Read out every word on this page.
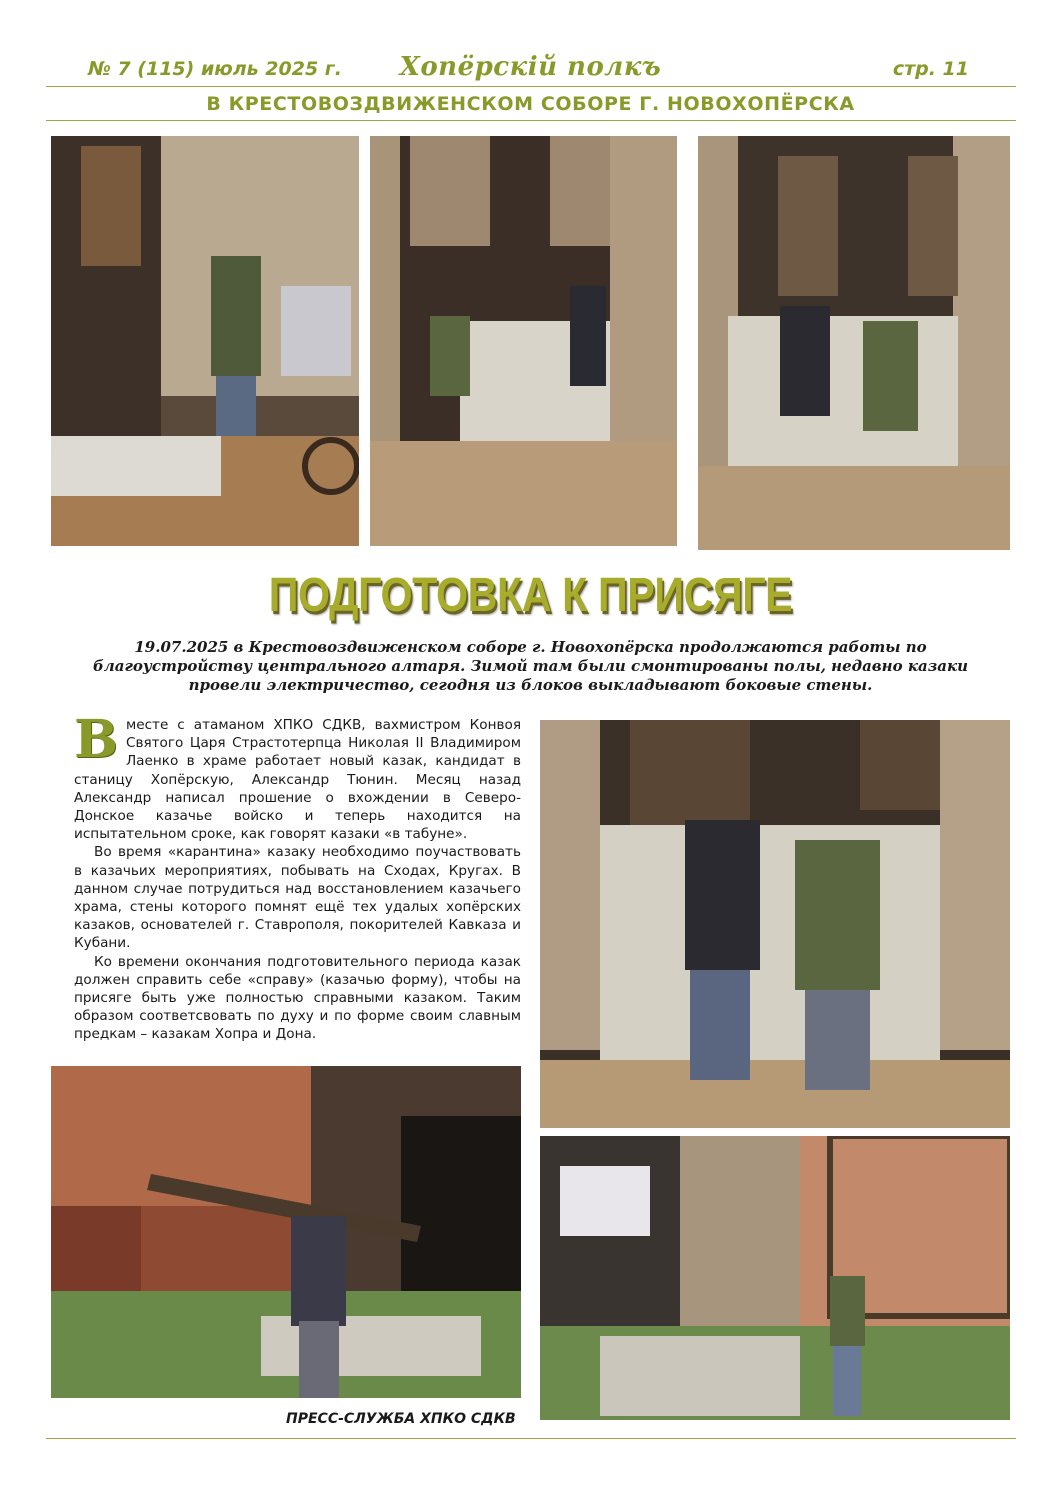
№ 7 (115) июль 2025 г.	Хопёрскій полкъ	стр. 11
В КРЕСТОВОЗДВИЖЕНСКОМ СОБОРЕ Г. НОВОХОПЁРСКА
ПОДГОТОВКА К ПРИСЯГЕ
19.07.2025 в Крестовоздвиженском соборе г. Новохопёрска продолжаются работы по благоустройству центрального алтаря. Зимой там были смонтированы полы, недавно казаки провели электричество, сегодня из блоков выкладывают боковые стены.

Вместе с атаманом ХПКО СДКВ, вахмистром Конвоя Святого Царя Страстотерпца Николая II Владимиром Лаенко в храме работает новый казак, кандидат в станицу Хопёрскую, Александр Тюнин. Месяц назад Александр написал прошение о вхождении в Северо-Донское казачье войско и теперь находится на испытательном сроке, как говорят казаки «в табуне».

Во время «карантина» казаку необходимо поучаствовать в казачьих мероприятиях, побывать на Сходах, Кругах. В данном случае потрудиться над восстановлением казачьего храма, стены которого помнят ещё тех удалых хопёрских казаков, основателей г. Ставрополя, покорителей Кавказа и Кубани.

Ко времени окончания подготовительного периода казак должен справить себе «справу» (казачью форму), чтобы на присяге быть уже полностью справными казаком. Таким образом соответсвовать по духу и по форме своим славным предкам – казакам Хопра и Дона.

ПРЕСС-СЛУЖБА ХПКО СДКВ
